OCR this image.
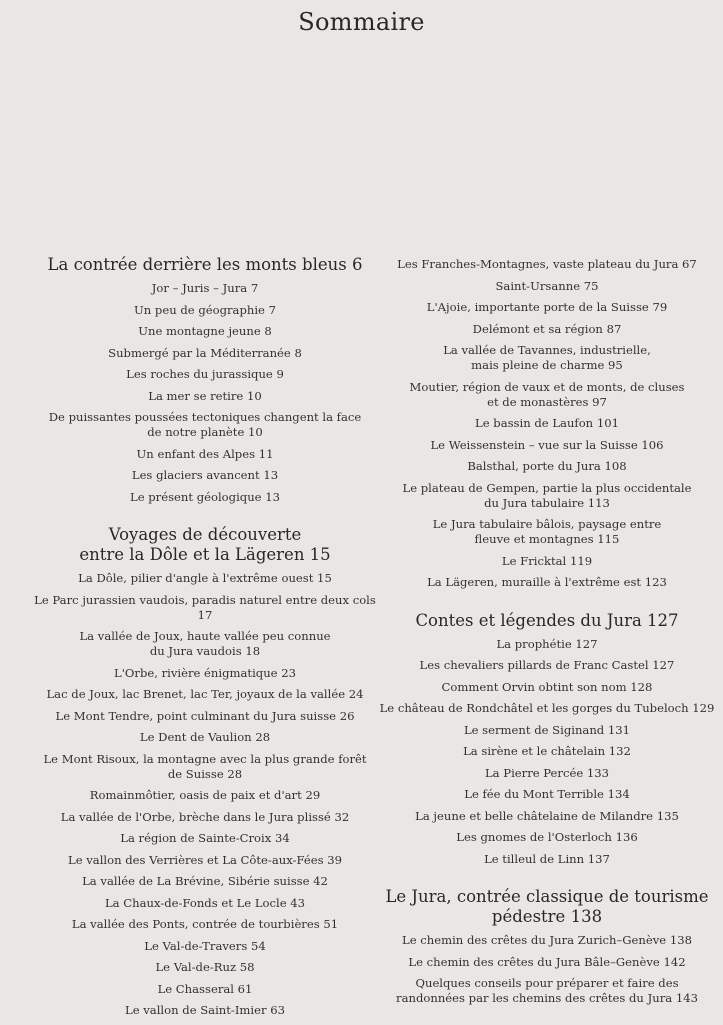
Sommaire
La contrée derrière les monts bleus 6
Jor – Juris – Jura 7
Un peu de géographie 7
Une montagne jeune 8
Submergé par la Méditerranée 8
Les roches du jurassique 9
La mer se retire 10
De puissantes poussées tectoniques changent la face
de notre planète 10
Un enfant des Alpes 11
Les glaciers avancent 13
Le présent géologique 13
Voyages de découverte
entre la Dôle et la Lägeren 15
La Dôle, pilier d'angle à l'extrême ouest 15
Le Parc jurassien vaudois, paradis naturel entre deux cols 17
La vallée de Joux, haute vallée peu connue
du Jura vaudois 18
L'Orbe, rivière énigmatique 23
Lac de Joux, lac Brenet, lac Ter, joyaux de la vallée 24
Le Mont Tendre, point culminant du Jura suisse 26
Le Dent de Vaulion 28
Le Mont Risoux, la montagne avec la plus grande forêt
de Suisse 28
Romainmôtier, oasis de paix et d'art 29
La vallée de l'Orbe, brèche dans le Jura plissé 32
La région de Sainte-Croix 34
Le vallon des Verrières et La Côte-aux-Fées 39
La vallée de La Brévine, Sibérie suisse 42
La Chaux-de-Fonds et Le Locle 43
La vallée des Ponts, contrée de tourbières 51
Le Val-de-Travers 54
Le Val-de-Ruz 58
Le Chasseral 61
Le vallon de Saint-Imier 63
Les Franches-Montagnes, vaste plateau du Jura 67
Saint-Ursanne 75
L'Ajoie, importante porte de la Suisse 79
Delémont et sa région 87
La vallée de Tavannes, industrielle,
mais pleine de charme 95
Moutier, région de vaux et de monts, de cluses
et de monastères 97
Le bassin de Laufon 101
Le Weissenstein – vue sur la Suisse 106
Balsthal, porte du Jura 108
Le plateau de Gempen, partie la plus occidentale
du Jura tabulaire 113
Le Jura tabulaire bâlois, paysage entre
fleuve et montagnes 115
Le Fricktal 119
La Lägeren, muraille à l'extrême est 123
Contes et légendes du Jura 127
La prophétie 127
Les chevaliers pillards de Franc Castel 127
Comment Orvin obtint son nom 128
Le château de Rondchâtel et les gorges du Tubeloch 129
Le serment de Siginand 131
La sirène et le châtelain 132
La Pierre Percée 133
Le fée du Mont Terrible 134
La jeune et belle châtelaine de Milandre 135
Les gnomes de l'Osterloch 136
Le tilleul de Linn 137
Le Jura, contrée classique de tourisme
pédestre 138
Le chemin des crêtes du Jura Zurich–Genève 138
Le chemin des crêtes du Jura Bâle–Genève 142
Quelques conseils pour préparer et faire des
randonnées par les chemins des crêtes du Jura 143
